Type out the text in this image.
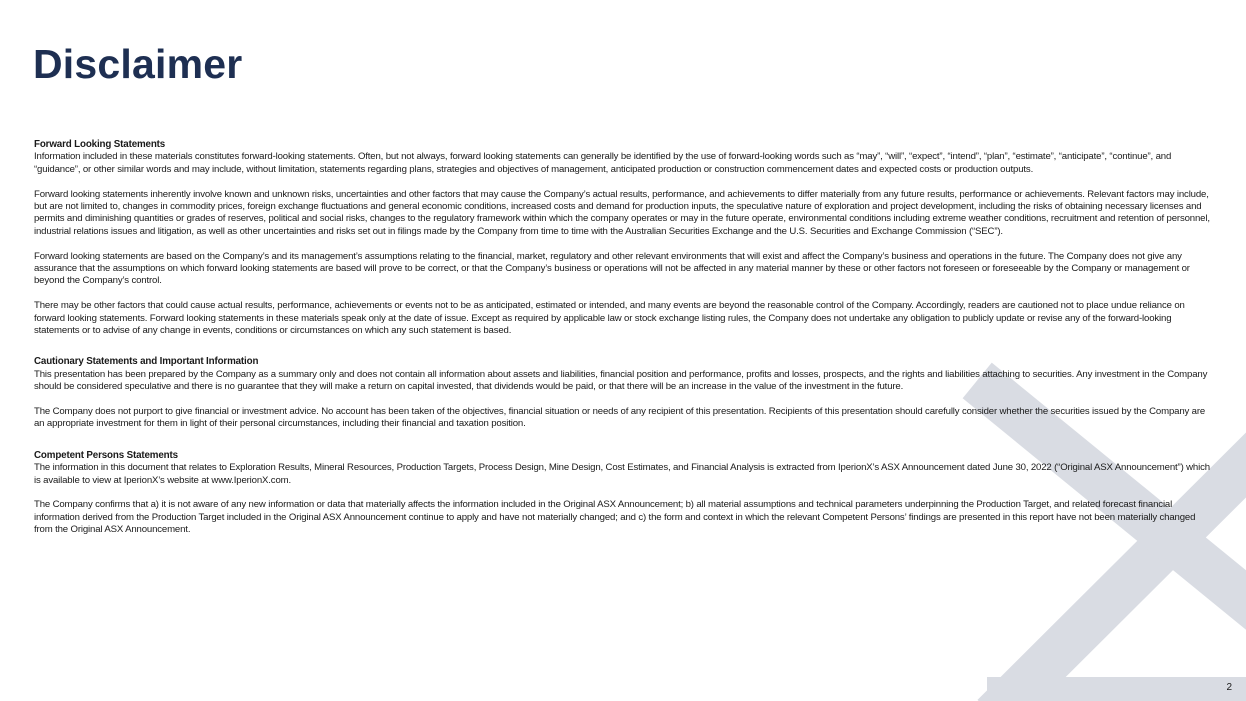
Disclaimer

Forward Looking Statements

Information included in these materials constitutes forward-looking statements. Often, but not always, forward looking statements can generally be identified by the use of forward-looking words such as “may”, “will”, “expect”, “intend”, “plan”, “estimate”, “anticipate”, “continue”, and “guidance”, or other similar words and may include, without limitation, statements regarding plans, strategies and objectives of management, anticipated production or construction commencement dates and expected costs or production outputs.

Forward looking statements inherently involve known and unknown risks, uncertainties and other factors that may cause the Company’s actual results, performance, and achievements to differ materially from any future results, performance or achievements. Relevant factors may include, but are not limited to, changes in commodity prices, foreign exchange fluctuations and general economic conditions, increased costs and demand for production inputs, the speculative nature of exploration and project development, including the risks of obtaining necessary licenses and permits and diminishing quantities or grades of reserves, political and social risks, changes to the regulatory framework within which the company operates or may in the future operate, environmental conditions including extreme weather conditions, recruitment and retention of personnel, industrial relations issues and litigation, as well as other uncertainties and risks set out in filings made by the Company from time to time with the Australian Securities Exchange and the U.S. Securities and Exchange Commission (“SEC”).

Forward looking statements are based on the Company’s and its management’s assumptions relating to the financial, market, regulatory and other relevant environments that will exist and affect the Company’s business and operations in the future. The Company does not give any assurance that the assumptions on which forward looking statements are based will prove to be correct, or that the Company’s business or operations will not be affected in any material manner by these or other factors not foreseen or foreseeable by the Company or management or beyond the Company’s control.

There may be other factors that could cause actual results, performance, achievements or events not to be as anticipated, estimated or intended, and many events are beyond the reasonable control of the Company. Accordingly, readers are cautioned not to place undue reliance on forward looking statements. Forward looking statements in these materials speak only at the date of issue. Except as required by applicable law or stock exchange listing rules, the Company does not undertake any obligation to publicly update or revise any of the forward-looking statements or to advise of any change in events, conditions or circumstances on which any such statement is based.

Cautionary Statements and Important Information

This presentation has been prepared by the Company as a summary only and does not contain all information about assets and liabilities, financial position and performance, profits and losses, prospects, and the rights and liabilities attaching to securities. Any investment in the Company should be considered speculative and there is no guarantee that they will make a return on capital invested, that dividends would be paid, or that there will be an increase in the value of the investment in the future.

The Company does not purport to give financial or investment advice. No account has been taken of the objectives, financial situation or needs of any recipient of this presentation. Recipients of this presentation should carefully consider whether the securities issued by the Company are an appropriate investment for them in light of their personal circumstances, including their financial and taxation position.

Competent Persons Statements

The information in this document that relates to Exploration Results, Mineral Resources, Production Targets, Process Design, Mine Design, Cost Estimates, and Financial Analysis is extracted from IperionX’s ASX Announcement dated June 30, 2022 (“Original ASX Announcement”) which is available to view at IperionX’s website at www.IperionX.com.

The Company confirms that a) it is not aware of any new information or data that materially affects the information included in the Original ASX Announcement; b) all material assumptions and technical parameters underpinning the Production Target, and related forecast financial information derived from the Production Target included in the Original ASX Announcement continue to apply and have not materially changed; and c) the form and context in which the relevant Competent Persons’ findings are presented in this report have not been materially changed from the Original ASX Announcement.

2
